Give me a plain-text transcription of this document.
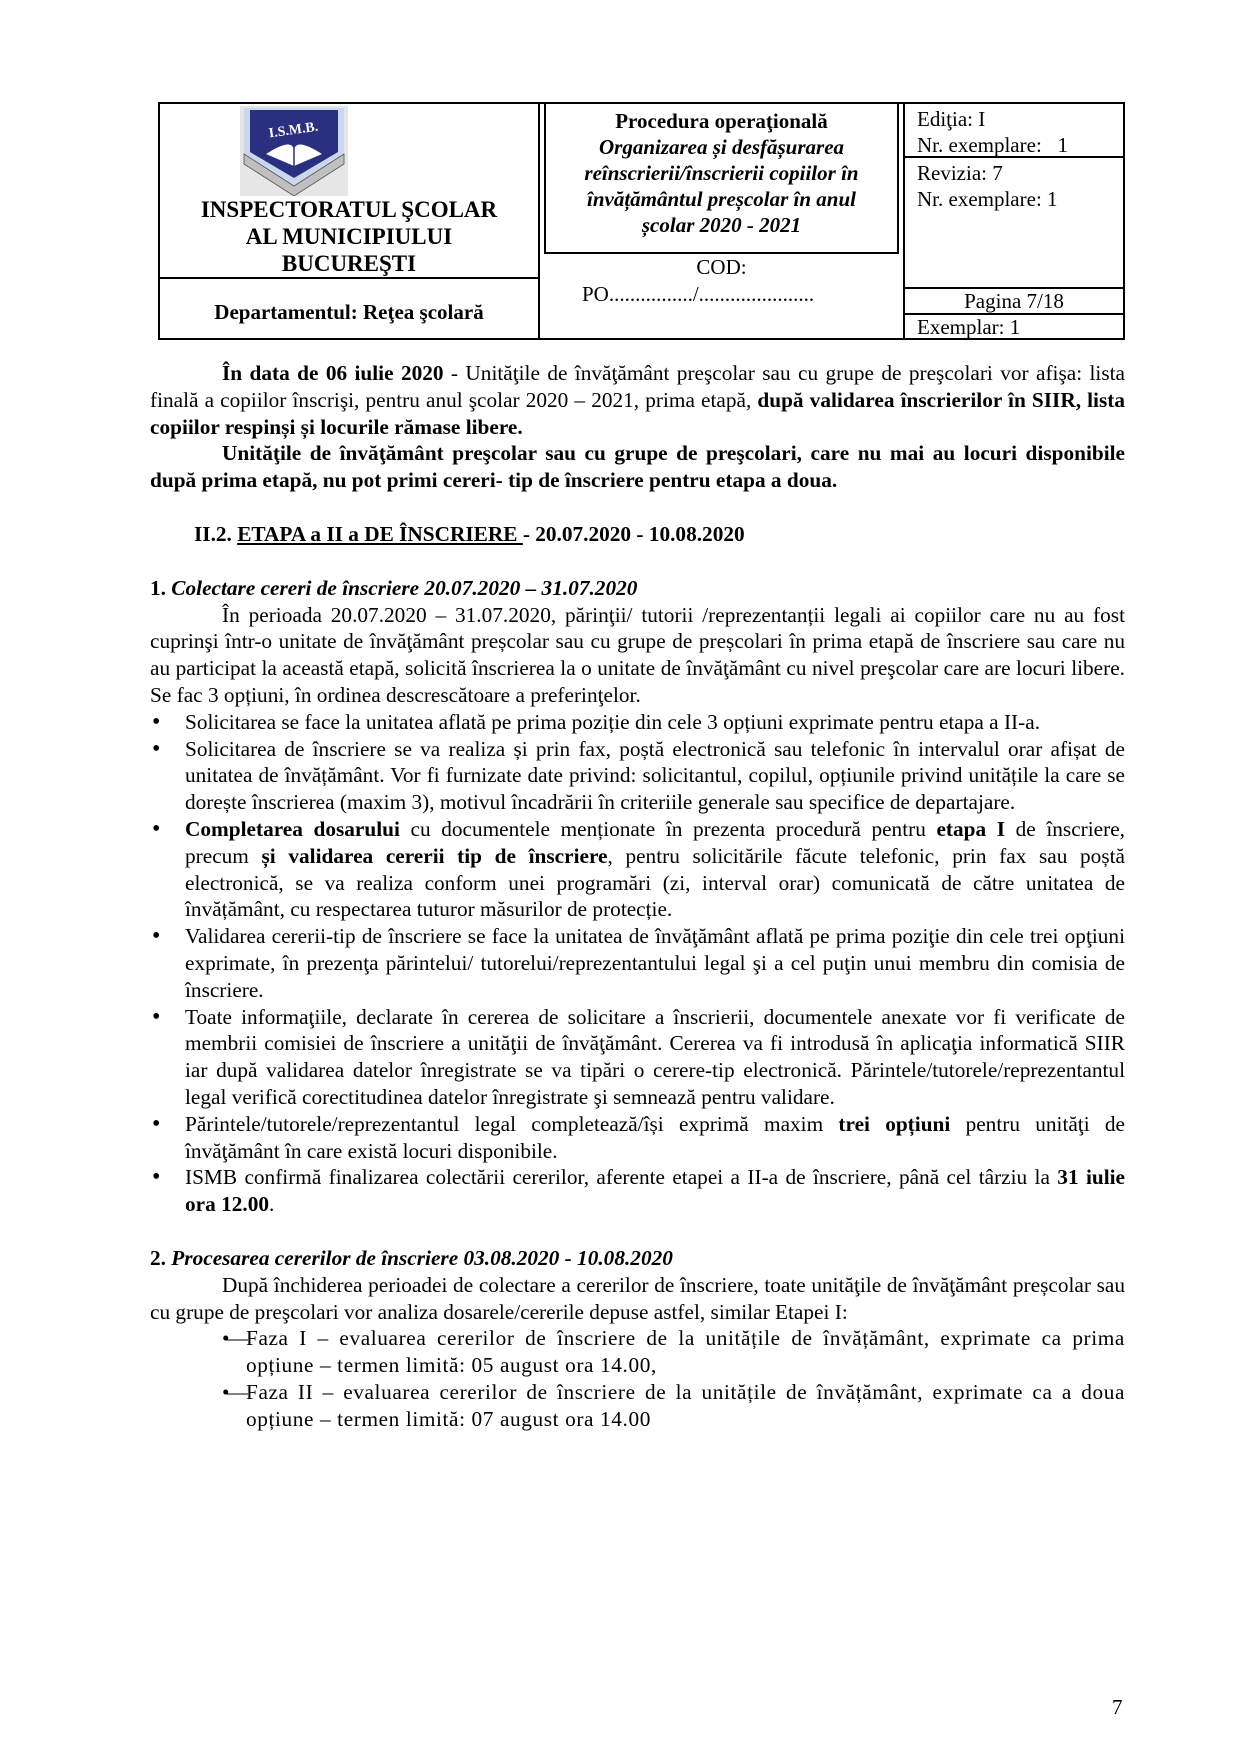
I.S.M.B.
INSPECTORATUL ŞCOLAR
AL MUNICIPIULUI
BUCUREŞTI
Departamentul: Reţea şcolară
Procedura operaţională
Organizarea și desfășurarea
reînscrierii/înscrierii copiilor în
învățământul preșcolar în anul
școlar 2020 - 2021
COD:
PO................/......................
Ediţia: I
Nr. exemplare:   1
Revizia: 7
Nr. exemplare: 1
Pagina 7/18
Exemplar: 1

În data de 06 iulie 2020 - Unităţile de învăţământ preşcolar sau cu grupe de preşcolari vor afişa: lista finală a copiilor înscrişi, pentru anul şcolar 2020 – 2021, prima etapă, după validarea înscrierilor în SIIR, lista copiilor respinși și locurile rămase libere.

Unităţile de învăţământ preşcolar sau cu grupe de preşcolari, care nu mai au locuri disponibile după prima etapă, nu pot primi cereri- tip de înscriere pentru etapa a doua.

II.2. ETAPA a II a DE ÎNSCRIERE - 20.07.2020 - 10.08.2020
1. Colectare cereri de înscriere 20.07.2020 – 31.07.2020

În perioada 20.07.2020 – 31.07.2020, părinţii/ tutorii /reprezentanții legali ai copiilor care nu au fost cuprinşi într-o unitate de învăţământ preșcolar sau cu grupe de preșcolari în prima etapă de înscriere sau care nu au participat la această etapă, solicită înscrierea la o unitate de învăţământ cu nivel preşcolar care are locuri libere. Se fac 3 opțiuni, în ordinea descrescătoare a preferinţelor.

• Solicitarea se face la unitatea aflată pe prima poziție din cele 3 opțiuni exprimate pentru etapa a II-a.
• Solicitarea de înscriere se va realiza și prin fax, poștă electronică sau telefonic în intervalul orar afișat de unitatea de învățământ. Vor fi furnizate date privind: solicitantul, copilul, opțiunile privind unitățile la care se dorește înscrierea (maxim 3), motivul încadrării în criteriile generale sau specifice de departajare.
• Completarea dosarului cu documentele menționate în prezenta procedură pentru etapa I de înscriere, precum și validarea cererii tip de înscriere, pentru solicitările făcute telefonic, prin fax sau poștă electronică, se va realiza conform unei programări (zi, interval orar) comunicată de către unitatea de învățământ, cu respectarea tuturor măsurilor de protecție.
• Validarea cererii-tip de înscriere se face la unitatea de învăţământ aflată pe prima poziţie din cele trei opţiuni exprimate, în prezenţa părintelui/ tutorelui/reprezentantului legal şi a cel puţin unui membru din comisia de înscriere.
• Toate informaţiile, declarate în cererea de solicitare a înscrierii, documentele anexate vor fi verificate de membrii comisiei de înscriere a unităţii de învăţământ. Cererea va fi introdusă în aplicaţia informatică SIIR iar după validarea datelor înregistrate se va tipări o cerere-tip electronică. Părintele/tutorele/reprezentantul legal verifică corectitudinea datelor înregistrate şi semnează pentru validare.
• Părintele/tutorele/reprezentantul legal completează/își exprimă maxim trei opțiuni pentru unităţi de învăţământ în care există locuri disponibile.
• ISMB confirmă finalizarea colectării cererilor, aferente etapei a II-a de înscriere, până cel târziu la 31 iulie ora 12.00.
2. Procesarea cererilor de înscriere 03.08.2020 - 10.08.2020

După închiderea perioadei de colectare a cererilor de înscriere, toate unităţile de învăţământ preșcolar sau cu grupe de preşcolari vor analiza dosarele/cererile depuse astfel, similar Etapei I:

•— Faza I – evaluarea cererilor de înscriere de la unitățile de învățământ, exprimate ca prima opțiune – termen limită: 05 august ora 14.00,
•— Faza II – evaluarea cererilor de înscriere de la unitățile de învățământ, exprimate ca a doua opțiune – termen limită: 07 august ora 14.00
7
